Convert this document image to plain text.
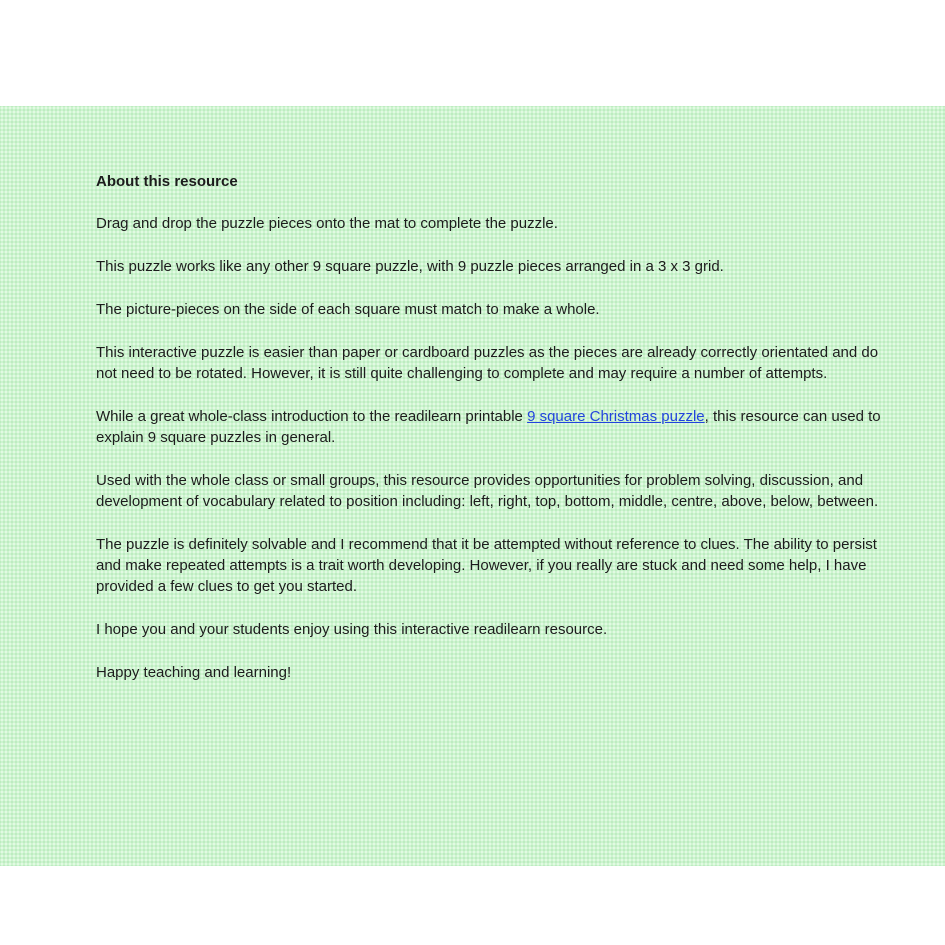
About this resource

Drag and drop the puzzle pieces onto the mat to complete the puzzle.

This puzzle works like any other 9 square puzzle, with 9 puzzle pieces arranged in a 3 x 3 grid.

The picture-pieces on the side of each square must match to make a whole.

This interactive puzzle is easier than paper or cardboard puzzles as the pieces are already correctly orientated and do not need to be rotated. However, it is still quite challenging to complete and may require a number of attempts.

While a great whole-class introduction to the readilearn printable 9 square Christmas puzzle, this resource can used to explain 9 square puzzles in general.

Used with the whole class or small groups, this resource provides opportunities for problem solving, discussion, and development of vocabulary related to position including: left, right, top, bottom, middle, centre, above, below, between.

The puzzle is definitely solvable and I recommend that it be attempted without reference to clues. The ability to persist and make repeated attempts is a trait worth developing. However, if you really are stuck and need some help, I have provided a few clues to get you started.

I hope you and your students enjoy using this interactive readilearn resource.

Happy teaching and learning!
